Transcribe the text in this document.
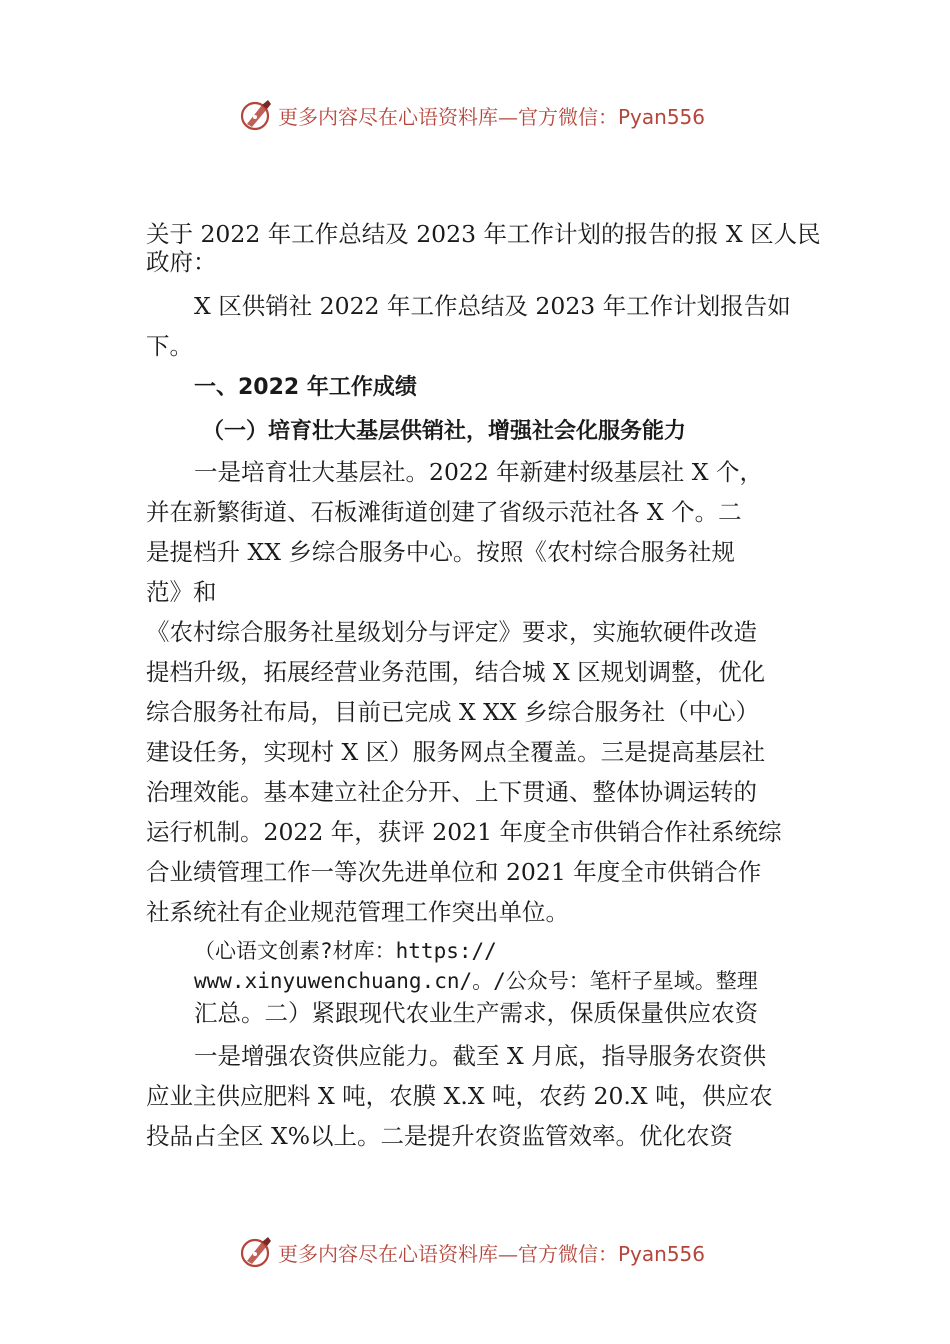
更多内容尽在心语资料库—官方微信：Pyan556
关于 2022 年工作总结及 2023 年工作计划的报告的报 X 区人民
政府：
X 区供销社 2022 年工作总结及 2023 年工作计划报告如
下。
一、2022 年工作成绩
（一）培育壮大基层供销社，增强社会化服务能力
一是培育壮大基层社。2022 年新建村级基层社 X 个，
并在新繁街道、石板滩街道创建了省级示范社各 X 个。二
是提档升 XX 乡综合服务中心。按照《农村综合服务社规
范》和
《农村综合服务社星级划分与评定》要求，实施软硬件改造
提档升级，拓展经营业务范围，结合城 X 区规划调整，优化
综合服务社布局，目前已完成 X XX 乡综合服务社（中心）
建设任务，实现村 X 区）服务网点全覆盖。三是提高基层社
治理效能。基本建立社企分开、上下贯通、整体协调运转的
运行机制。2022 年，获评 2021 年度全市供销合作社系统综
合业绩管理工作一等次先进单位和 2021 年度全市供销合作
社系统社有企业规范管理工作突出单位。
（心语文创素?材库：https://
www.xinyuwenchuang.cn/。/公众号：笔杆子星域。整理
汇总。二）紧跟现代农业生产需求，保质保量供应农资
一是增强农资供应能力。截至 X 月底，指导服务农资供
应业主供应肥料 X 吨，农膜 X.X 吨，农药 20.X 吨，供应农
投品占全区 X%以上。二是提升农资监管效率。优化农资
更多内容尽在心语资料库—官方微信：Pyan556
